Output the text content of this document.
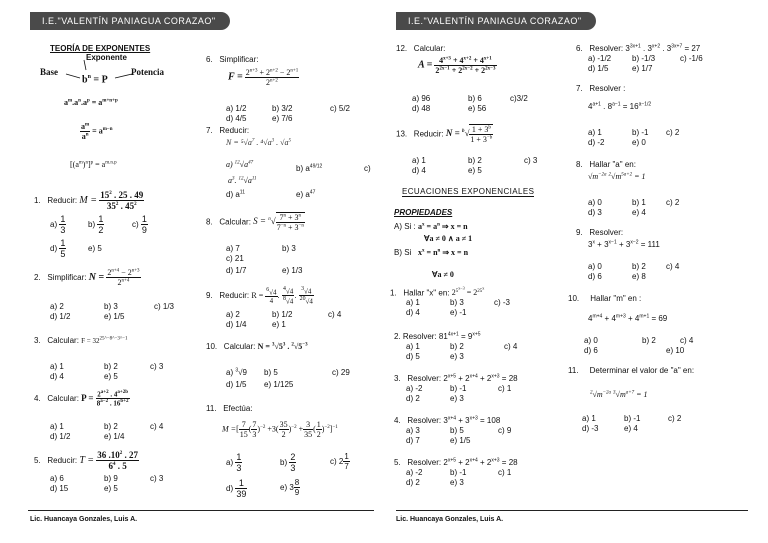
I.E."VALENTÍN PANIAGUA CORAZAO"
TEORÍA DE EXPONENTES
Exponente
Base	Potencia
$b^n = P$
$a^m.a^n.a^p = a^{m+n+p}$
$\frac{a^m}{a^n} = a^{m-n}$
$[(a^m)^n]^p = a^{m.n.p}$
1. Reducir: $M = \frac{15^2 . 25 . 49}{35^2 . 45^2}$
$a) \frac{1}{3}$	$b) \frac{1}{2}$	$c) \frac{1}{9}$
$d) \frac{1}{5}$	e) 5
2. Simplificar: $N = \frac{2^{n+4} - 2^{n+3}}{2^{n+4}}$
a) 2	b) 3	c) 1/3
d) 1/2	e) 1/5
3. Calcular: $F = 32^{25\^{}-8\^{}-3\^{}-1}$
a) 1	b) 2	c) 3
d) 4	e) 5
4. Calcular: $P = \frac{2^{a+2} . 4^{a+2b}}{8^{a-2} . 16^{b+2}}$
a) 1	b) 2	c) 4
d) 1/2	e) 1/4
5. Reducir: $T = \frac{36 .10^2 . 27}{6^4 . 5}$
a) 6	b) 9	c) 3
d) 15	e) 5
6. Simplificar:
$F = \frac{2^{n+3} + 2^{n+2} - 2^{n+1}}{2^{n+2}}$
a) 1/2	b) 3/2	c) 5/2
d) 4/5	e) 7/6
7. Reducir:
$N = ^5√a^7$ . $^4√a^3$ . $√a^5$
a) $^{12}√a^{47}$
b) $a^{49/12}$	c)
$a^3$. $^{12}√a^{11}$
d) $a^{11}$	e) $a^{47}$
8. Calcular: $S = ^n√ \frac{7^n + 3^n}{7^{-n} + 3^{-n}}$
a) 7	b) 3
c) 21
d) 1/7	e) 1/3
9. Reducir: $R = \frac{^6√4}{4}$ . $\frac{^4√4}{^8√4}$ . $\frac{^3√4}{^{20}√4}$
a) 2	b) 1/2	c) 4
d) 1/4	e) 1
10. Calcular: $N = ^3√5^3$ . $^2√5^{-3}$
a) $^3$√9 b) 5	c) 29
d) 1/5 e) 1/125
11. Efectúa:
M =[ $\frac{7}{15}$ ( $\frac{7}{3} )^{-2} +3( \frac{35}{2} )^{-2} + \frac{3}{35}$ ( $\frac{1}{2} )^{-2}]^{-1}$
$a) \frac{1}{3}$	$b) \frac{2}{3}$	c) $2 \frac{1}{7}$
$d) \frac{1}{39}$	e) $3 \frac{8}{9}$
Lic. Huancaya Gonzales, Luis A.
I.E."VALENTÍN PANIAGUA CORAZAO"
12. Calcular:
$A = \frac{4^{x+3} + 4^{x+2} + 4^{x+1}}{2^{2x-1} + 2^{2x-2} + 2^{2x-3}}$
a) 96	b) 6	c)3/2
d) 48	e) 56
13. Reducir: $N = ^b√ \frac{1 + 3^b}{1 + 3^{-b}}$
a) 1	b) 2	c) 3
d) 4	e) 5
ECUACIONES EXPONENCIALES
PROPIEDADES
A) Si : $a^x = a^n$ ⇒ x = n
∀a ≠ 0 ∧ a ≠ 1
B) Si $x^x = n^n$ ⇒ x = n
∀a ≠ 0
1. Hallar "x" en: $2^{5^{x-3}} = 2^{25^x}$
a) 1	b) 3	c) -3
d) 4	e) -1
2. Resolver: $81^{4x+1} = 9^{x+5}$
a) 1	b) 2	c) 4
d) 5	e) 3
3. Resolver: $2^{x+5} + 2^{x+4} + 2^{x+3} = 28$
a) -2	b) -1	c) 1
d) 2	e) 3
4. Resolver: $3^{x+4} + 3^{x+3} = 108$
a) 3	b) 5	c) 9
d) 7	e) 1/5
5. Resolver: $2^{x+5} + 2^{x+4} + 2^{x+3} = 28$
a) -2	b) -1	c) 1
d) 2	e) 3
6. Resolver: $3^{3x+1}$ . $3^{x+2}$ . $3^{3x+7} = 27$
a) -1/2	b) -1/3	c) -1/6
d) 1/5	e) 1/7
7. Resolver :
$4^{a+1}$ . $8^{a-1} = 16^{a-1/2}$
a) 1	b) -1 c) 2
d) -2	e) 0
8. Hallar "a" en:
$√m^{-2a}$ $^2√m^{5a+2} = 1$
a) 0	b) 1	c) 2
d) 3	e) 4
9. Resolver:
$3^x + 3^{x-1} + 3^{x-2} = 111$
a) 0	b) 2	c) 4
d) 6	e) 8
10. Hallar "m" en :
$4^{m+4} + 4^{m+3} + 4^{m+1} = 69$
a) 0	b) 2	c) 4
d) 6	e) 10
11. Determinar el valor de "a" en:
$^2√m^{-2a}$ $^3√m^{a+7} = 1$
a) 1	b) -1	c) 2
d) -3	e) 4
Lic. Huancaya Gonzales, Luis A.
